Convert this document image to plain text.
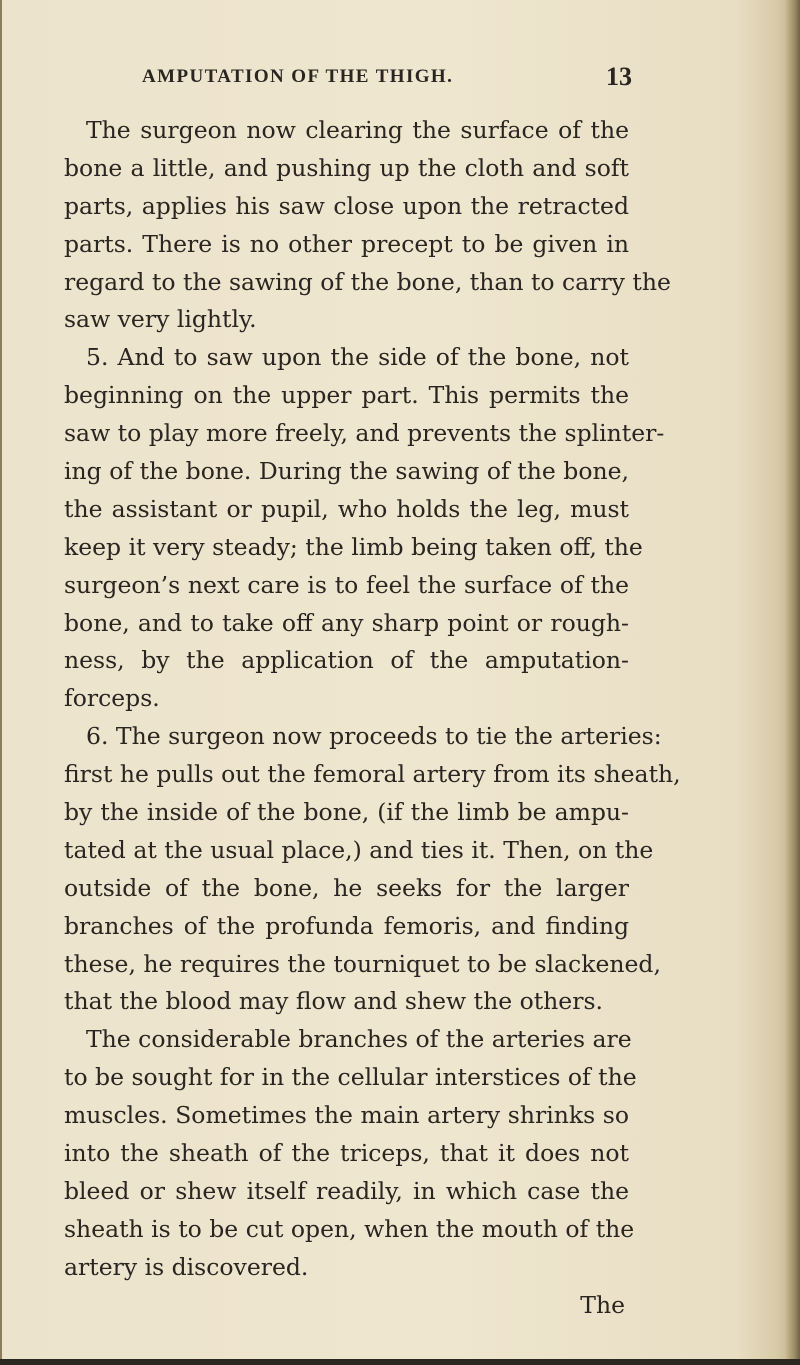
AMPUTATION OF THE THIGH.	13
The surgeon now clearing the surface of the
bone a little, and pushing up the cloth and soft
parts, applies his saw close upon the retracted
parts. There is no other precept to be given in
regard to the sawing of the bone, than to carry the
saw very lightly.
5. And to saw upon the side of the bone, not
beginning on the upper part. This permits the
saw to play more freely, and prevents the splinter-
ing of the bone. During the sawing of the bone,
the assistant or pupil, who holds the leg, must
keep it very steady; the limb being taken off, the
surgeon’s next care is to feel the surface of the
bone, and to take off any sharp point or rough-
ness, by the application of the amputation-
forceps.
6. The surgeon now proceeds to tie the arteries:
first he pulls out the femoral artery from its sheath,
by the inside of the bone, (if the limb be ampu-
tated at the usual place,) and ties it. Then, on the
outside of the bone, he seeks for the larger
branches of the profunda femoris, and finding
these, he requires the tourniquet to be slackened,
that the blood may flow and shew the others.
The considerable branches of the arteries are
to be sought for in the cellular interstices of the
muscles. Sometimes the main artery shrinks so
into the sheath of the triceps, that it does not
bleed or shew itself readily, in which case the
sheath is to be cut open, when the mouth of the
artery is discovered.
The
